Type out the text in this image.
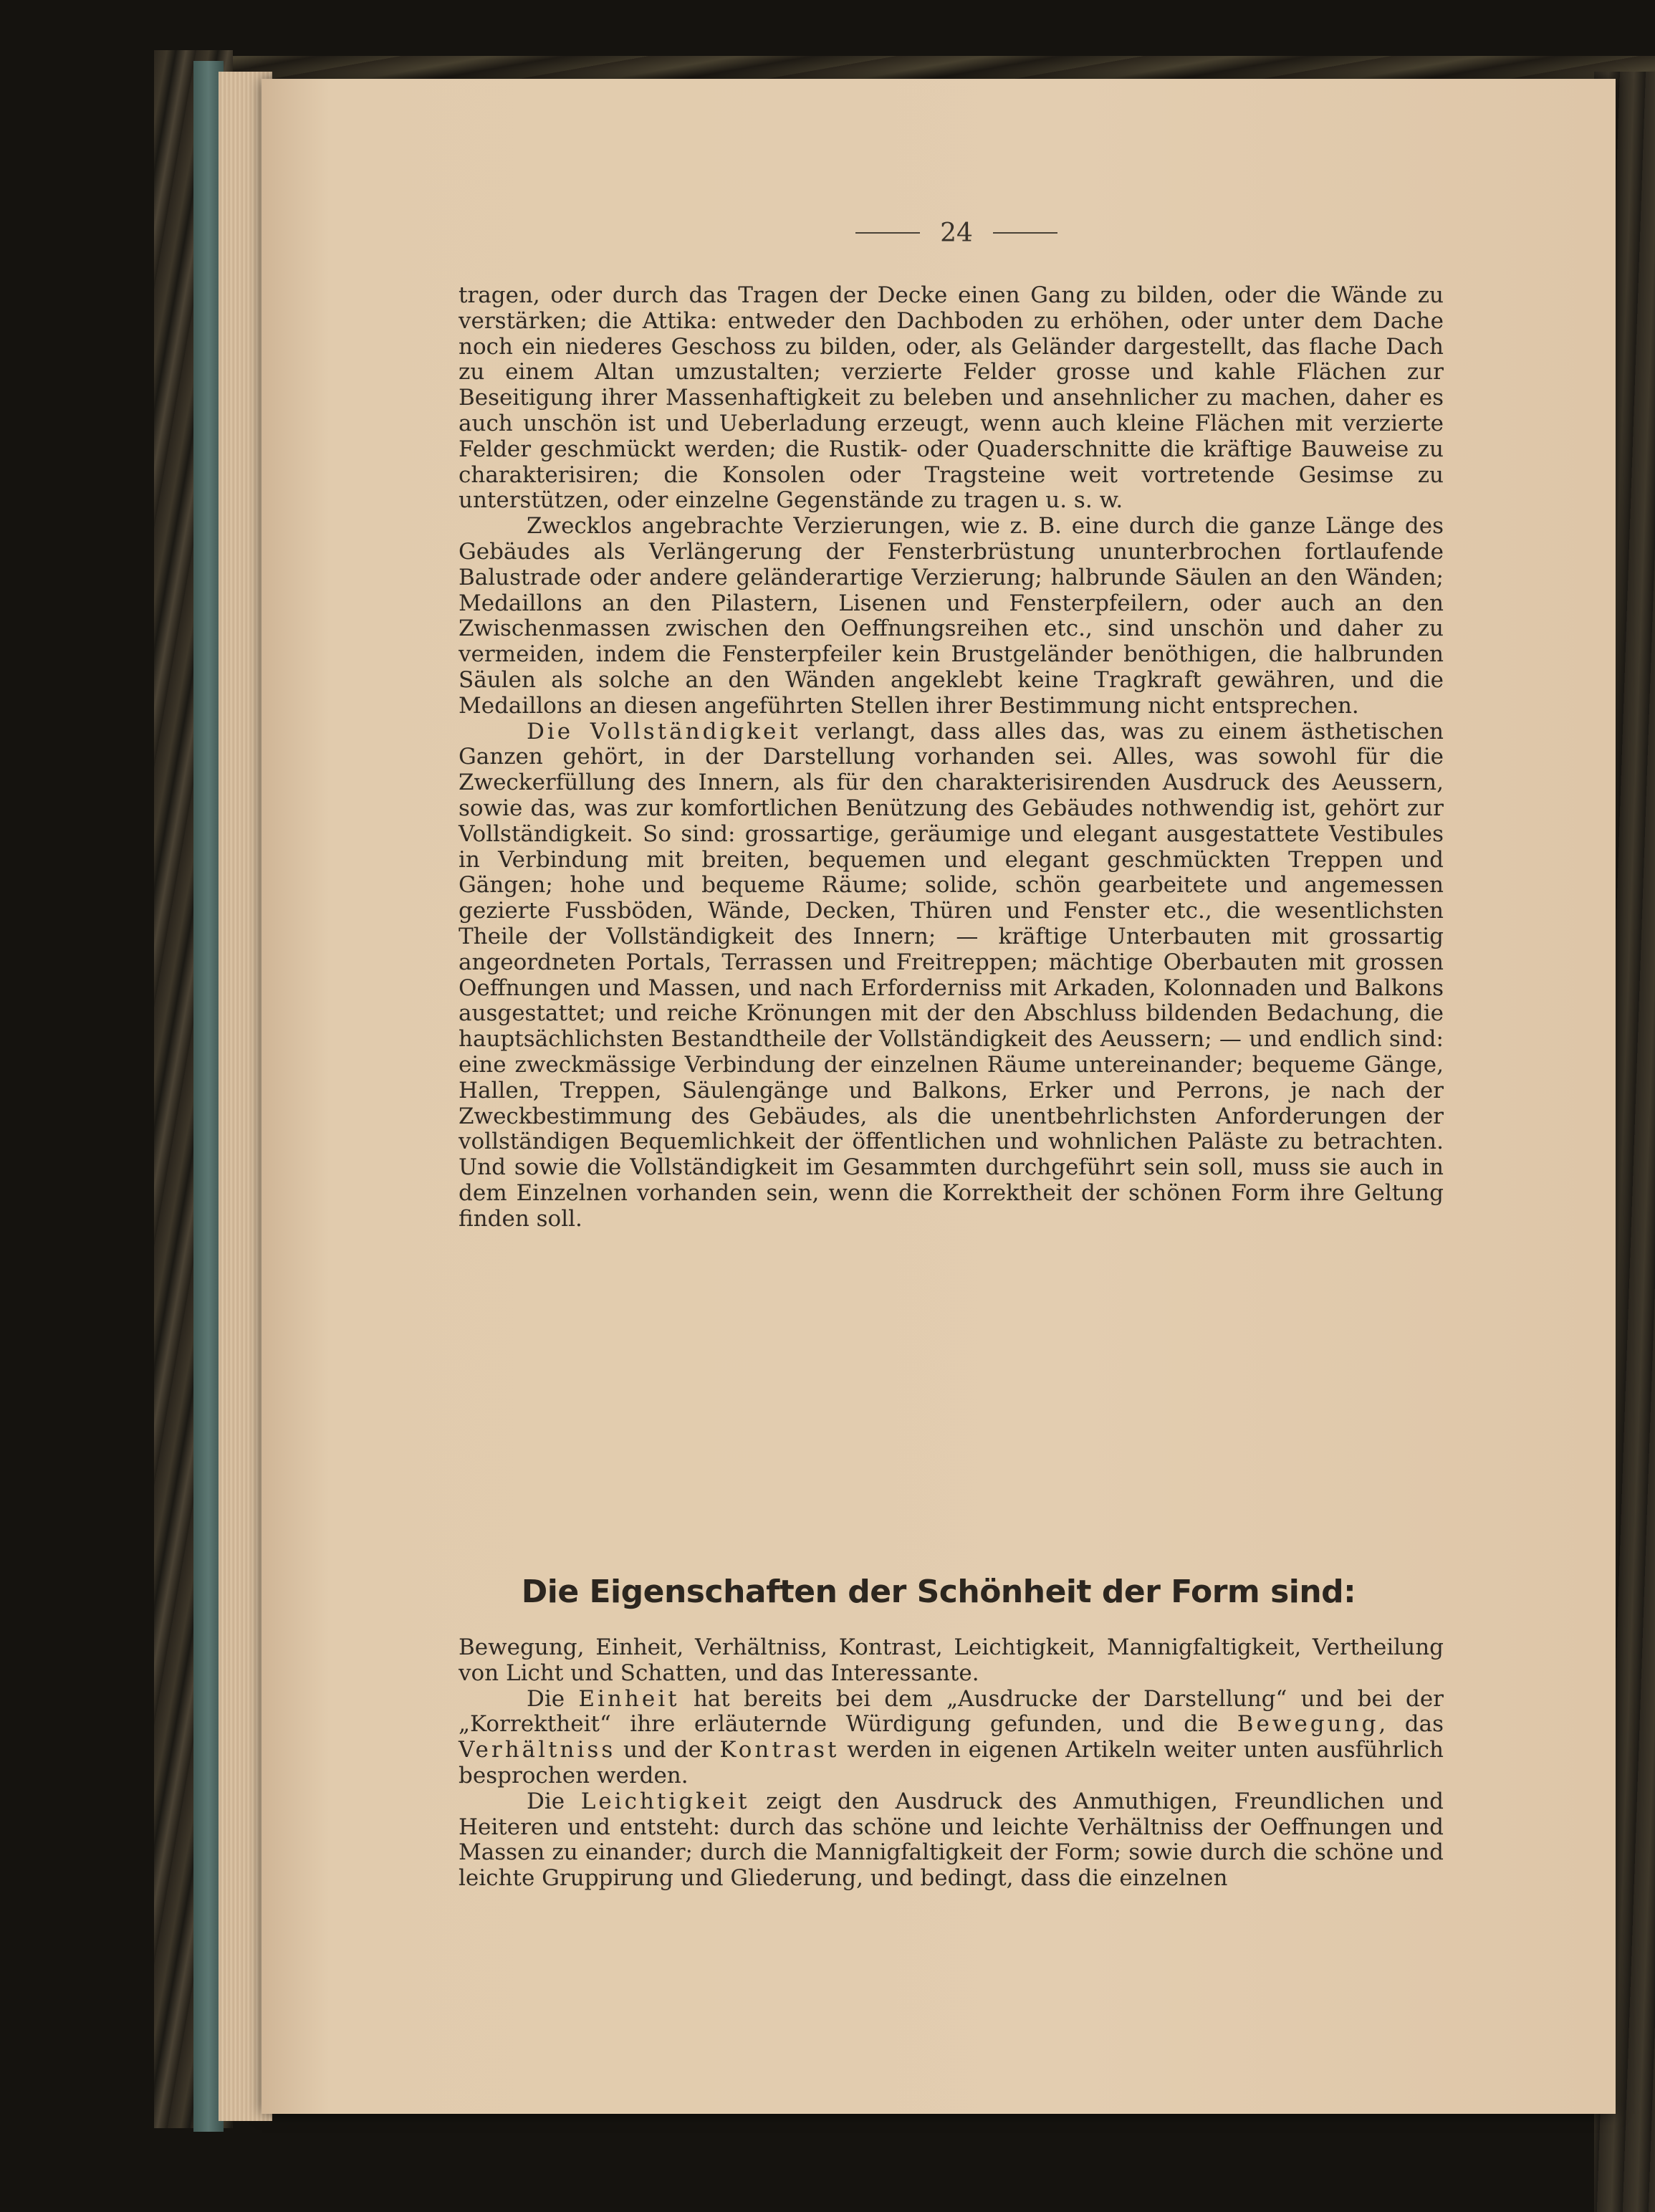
24

tragen, oder durch das Tragen der Decke einen Gang zu bilden, oder die Wände zu verstärken; die Attika: entweder den Dachboden zu erhöhen, oder unter dem Dache noch ein niederes Geschoss zu bilden, oder, als Geländer dargestellt, das flache Dach zu einem Altan umzustalten; verzierte Felder grosse und kahle Flächen zur Beseitigung ihrer Massenhaftigkeit zu beleben und ansehnlicher zu machen, daher es auch unschön ist und Ueberladung erzeugt, wenn auch kleine Flächen mit verzierte Felder geschmückt werden; die Rustik- oder Quaderschnitte die kräftige Bauweise zu charakterisiren; die Konsolen oder Tragsteine weit vortretende Gesimse zu unterstützen, oder einzelne Gegenstände zu tragen u. s. w.

Zwecklos angebrachte Verzierungen, wie z. B. eine durch die ganze Länge des Gebäudes als Verlängerung der Fensterbrüstung ununterbrochen fortlaufende Balustrade oder andere geländerartige Verzierung; halbrunde Säulen an den Wänden; Medaillons an den Pilastern, Lisenen und Fensterpfeilern, oder auch an den Zwischenmassen zwischen den Oeffnungsreihen etc., sind unschön und daher zu vermeiden, indem die Fensterpfeiler kein Brustgeländer benöthigen, die halbrunden Säulen als solche an den Wänden angeklebt keine Tragkraft gewähren, und die Medaillons an diesen angeführten Stellen ihrer Bestimmung nicht entsprechen.

Die Vollständigkeit verlangt, dass alles das, was zu einem ästhetischen Ganzen gehört, in der Darstellung vorhanden sei. Alles, was sowohl für die Zweckerfüllung des Innern, als für den charakterisirenden Ausdruck des Aeussern, sowie das, was zur komfortlichen Benützung des Gebäudes nothwendig ist, gehört zur Vollständigkeit. So sind: grossartige, geräumige und elegant ausgestattete Vestibules in Verbindung mit breiten, bequemen und elegant geschmückten Treppen und Gängen; hohe und bequeme Räume; solide, schön gearbeitete und angemessen gezierte Fussböden, Wände, Decken, Thüren und Fenster etc., die wesentlichsten Theile der Vollständigkeit des Innern; — kräftige Unterbauten mit grossartig angeordneten Portals, Terrassen und Freitreppen; mächtige Oberbauten mit grossen Oeffnungen und Massen, und nach Erforderniss mit Arkaden, Kolonnaden und Balkons ausgestattet; und reiche Krönungen mit der den Abschluss bildenden Bedachung, die hauptsächlichsten Bestandtheile der Vollständigkeit des Aeussern; — und endlich sind: eine zweckmässige Verbindung der einzelnen Räume untereinander; bequeme Gänge, Hallen, Treppen, Säulengänge und Balkons, Erker und Perrons, je nach der Zweckbestimmung des Gebäudes, als die unentbehrlichsten Anforderungen der vollständigen Bequemlichkeit der öffentlichen und wohnlichen Paläste zu betrachten. Und sowie die Vollständigkeit im Gesammten durchgeführt sein soll, muss sie auch in dem Einzelnen vorhanden sein, wenn die Korrektheit der schönen Form ihre Geltung finden soll.

Die Eigenschaften der Schönheit der Form sind:

Bewegung, Einheit, Verhältniss, Kontrast, Leichtigkeit, Mannigfaltigkeit, Vertheilung von Licht und Schatten, und das Interessante.

Die Einheit hat bereits bei dem „Ausdrucke der Darstellung“ und bei der „Korrektheit“ ihre erläuternde Würdigung gefunden, und die Bewegung, das Verhältniss und der Kontrast werden in eigenen Artikeln weiter unten ausführlich besprochen werden.

Die Leichtigkeit zeigt den Ausdruck des Anmuthigen, Freundlichen und Heiteren und entsteht: durch das schöne und leichte Verhältniss der Oeffnungen und Massen zu einander; durch die Mannigfaltigkeit der Form; sowie durch die schöne und leichte Gruppirung und Gliederung, und bedingt, dass die einzelnen
